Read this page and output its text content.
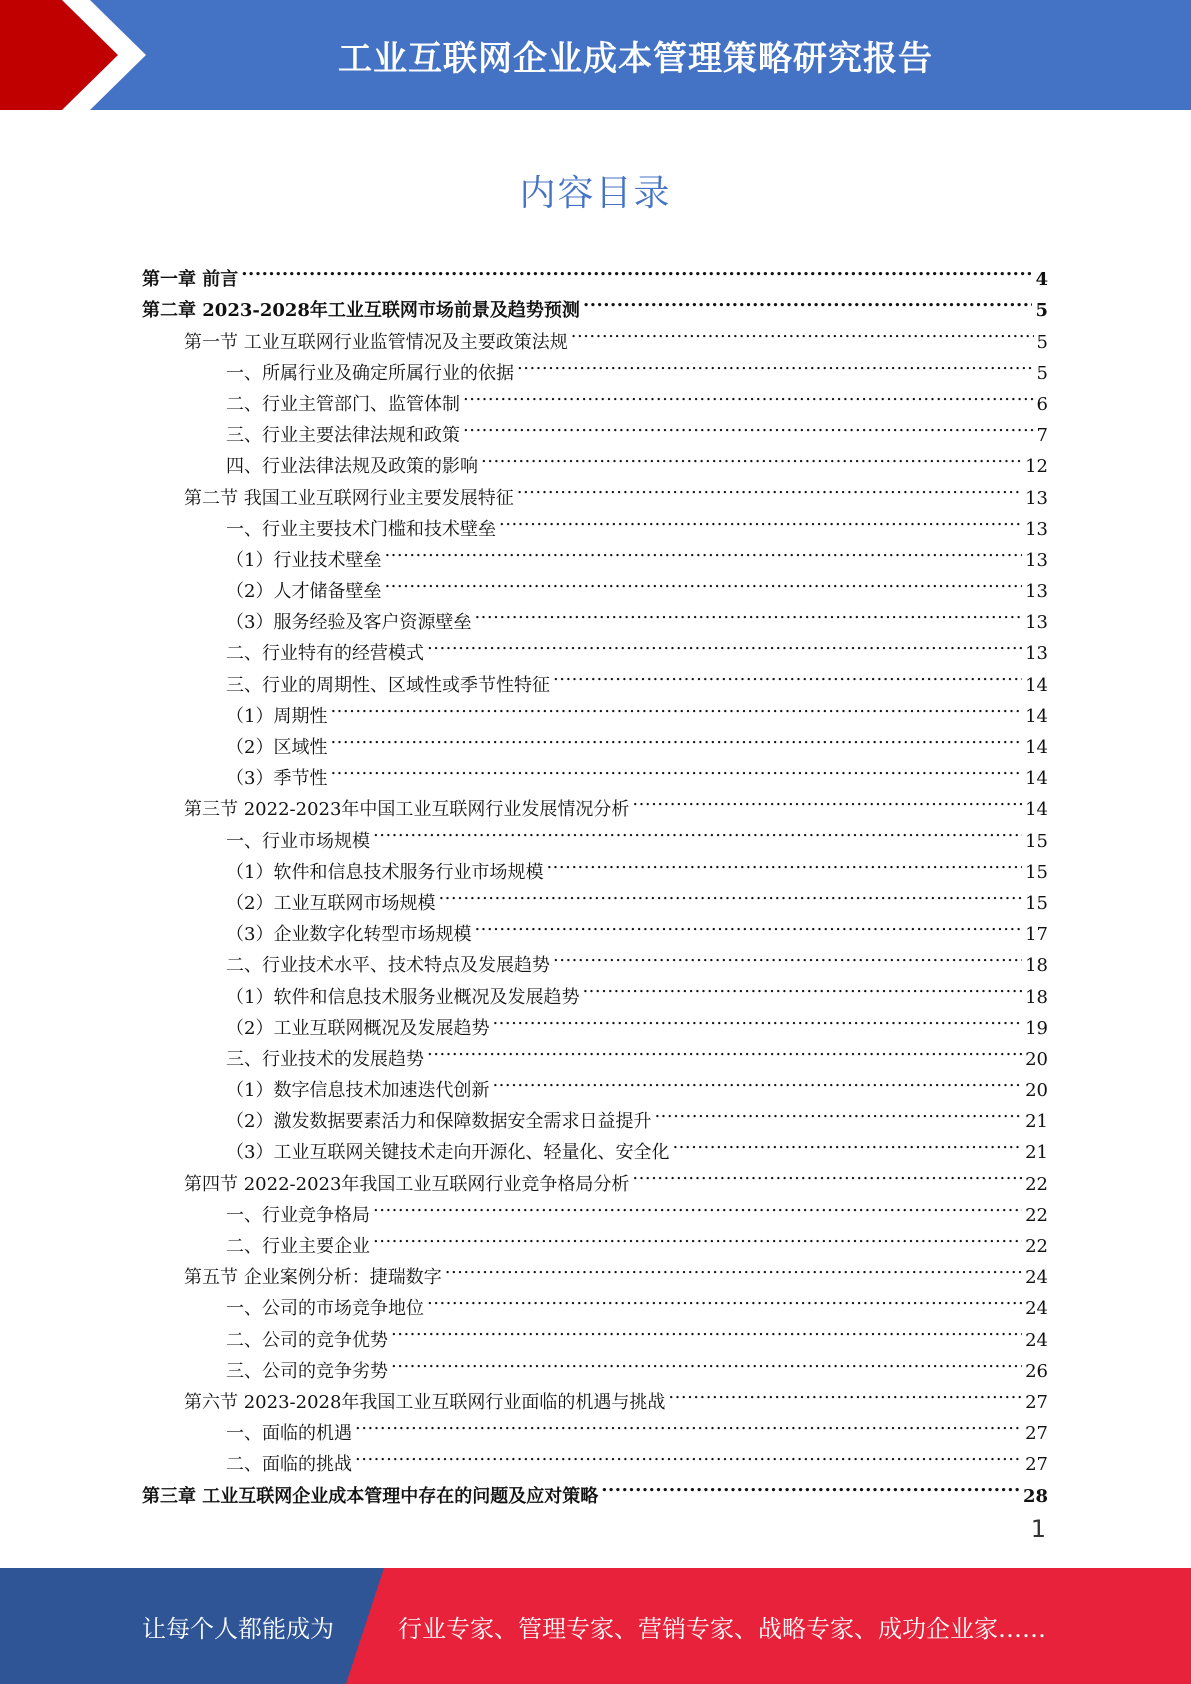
工业互联网企业成本管理策略研究报告
内容目录
第一章 前言 .....	4
第二章 2023-2028年工业互联网市场前景及趋势预测 .....	5
第一节 工业互联网行业监管情况及主要政策法规 .....	5
一、所属行业及确定所属行业的依据 .....	5
二、行业主管部门、监管体制 .....	6
三、行业主要法律法规和政策 .....	7
四、行业法律法规及政策的影响 .....	12
第二节 我国工业互联网行业主要发展特征 .....	13
一、行业主要技术门槛和技术壁垒 .....	13
（1）行业技术壁垒 .....	13
（2）人才储备壁垒 .....	13
（3）服务经验及客户资源壁垒 .....	13
二、行业特有的经营模式 .....	13
三、行业的周期性、区域性或季节性特征 .....	14
（1）周期性 .....	14
（2）区域性 .....	14
（3）季节性 .....	14
第三节 2022-2023年中国工业互联网行业发展情况分析 .....	14
一、行业市场规模 .....	15
（1）软件和信息技术服务行业市场规模 .....	15
（2）工业互联网市场规模 .....	15
（3）企业数字化转型市场规模 .....	17
二、行业技术水平、技术特点及发展趋势 .....	18
（1）软件和信息技术服务业概况及发展趋势 .....	18
（2）工业互联网概况及发展趋势 .....	19
三、行业技术的发展趋势 .....	20
（1）数字信息技术加速迭代创新 .....	20
（2）激发数据要素活力和保障数据安全需求日益提升 .....	21
（3）工业互联网关键技术走向开源化、轻量化、安全化 .....	21
第四节 2022-2023年我国工业互联网行业竞争格局分析 .....	22
一、行业竞争格局 .....	22
二、行业主要企业 .....	22
第五节 企业案例分析：捷瑞数字 .....	24
一、公司的市场竞争地位 .....	24
二、公司的竞争优势 .....	24
三、公司的竞争劣势 .....	26
第六节 2023-2028年我国工业互联网行业面临的机遇与挑战 .....	27
一、面临的机遇 .....	27
二、面临的挑战 .....	27
第三章 工业互联网企业成本管理中存在的问题及应对策略 .....	28
1
让每个人都能成为	行业专家、管理专家、营销专家、战略专家、成功企业家……
